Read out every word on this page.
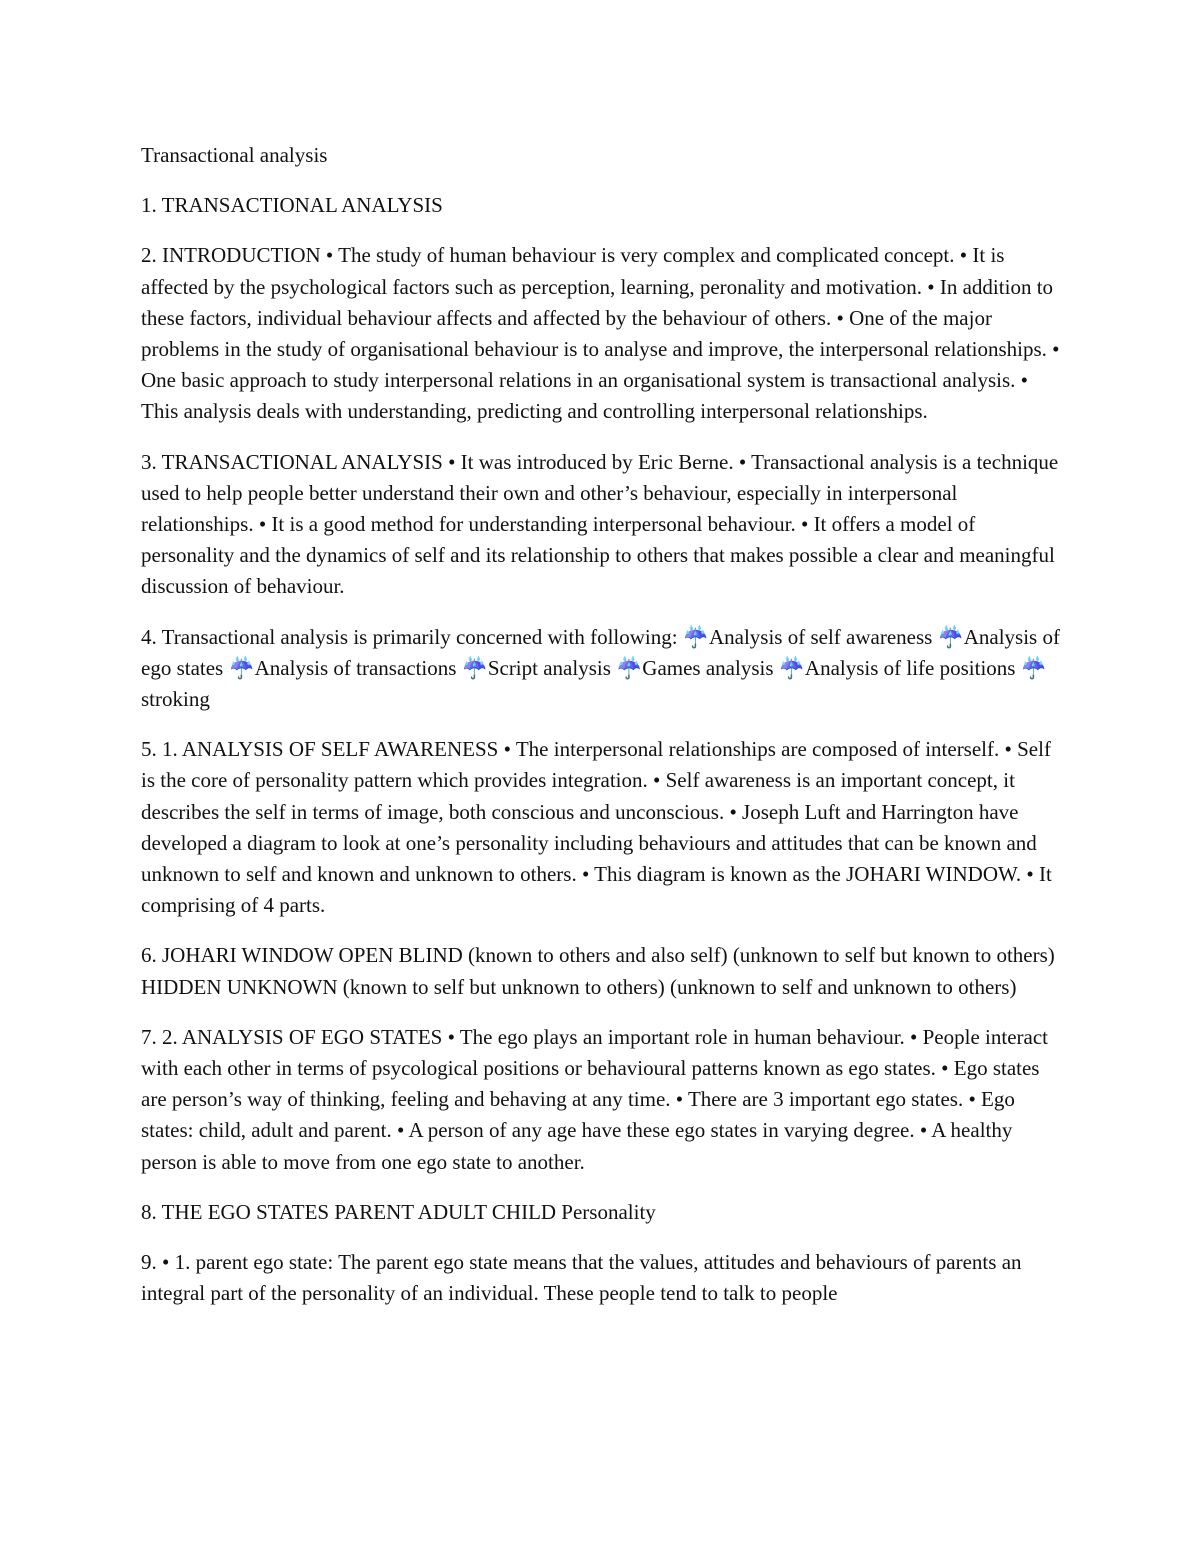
Transactional analysis

1. TRANSACTIONAL ANALYSIS

2. INTRODUCTION • The study of human behaviour is very complex and complicated concept. • It is affected by the psychological factors such as perception, learning, peronality and motivation. • In addition to these factors, individual behaviour affects and affected by the behaviour of others. • One of the major problems in the study of organisational behaviour is to analyse and improve, the interpersonal relationships. • One basic approach to study interpersonal relations in an organisational system is transactional analysis. • This analysis deals with understanding, predicting and controlling interpersonal relationships.

3. TRANSACTIONAL ANALYSIS • It was introduced by Eric Berne. • Transactional analysis is a technique used to help people better understand their own and other’s behaviour, especially in interpersonal relationships. • It is a good method for understanding interpersonal behaviour. • It offers a model of personality and the dynamics of self and its relationship to others that makes possible a clear and meaningful discussion of behaviour.

4. Transactional analysis is primarily concerned with following: ☔Analysis of self awareness ☔Analysis of ego states ☔Analysis of transactions ☔Script analysis ☔Games analysis ☔Analysis of life positions ☔stroking

5. 1. ANALYSIS OF SELF AWARENESS • The interpersonal relationships are composed of interself. • Self is the core of personality pattern which provides integration. • Self awareness is an important concept, it describes the self in terms of image, both conscious and unconscious. • Joseph Luft and Harrington have developed a diagram to look at one’s personality including behaviours and attitudes that can be known and unknown to self and known and unknown to others. • This diagram is known as the JOHARI WINDOW. • It comprising of 4 parts.

6. JOHARI WINDOW OPEN BLIND (known to others and also self) (unknown to self but known to others) HIDDEN UNKNOWN (known to self but unknown to others) (unknown to self and unknown to others)

7. 2. ANALYSIS OF EGO STATES • The ego plays an important role in human behaviour. • People interact with each other in terms of psycological positions or behavioural patterns known as ego states. • Ego states are person’s way of thinking, feeling and behaving at any time. • There are 3 important ego states. • Ego states: child, adult and parent. • A person of any age have these ego states in varying degree. • A healthy person is able to move from one ego state to another.

8. THE EGO STATES PARENT ADULT CHILD Personality

9. • 1. parent ego state: The parent ego state means that the values, attitudes and behaviours of parents an integral part of the personality of an individual. These people tend to talk to people
